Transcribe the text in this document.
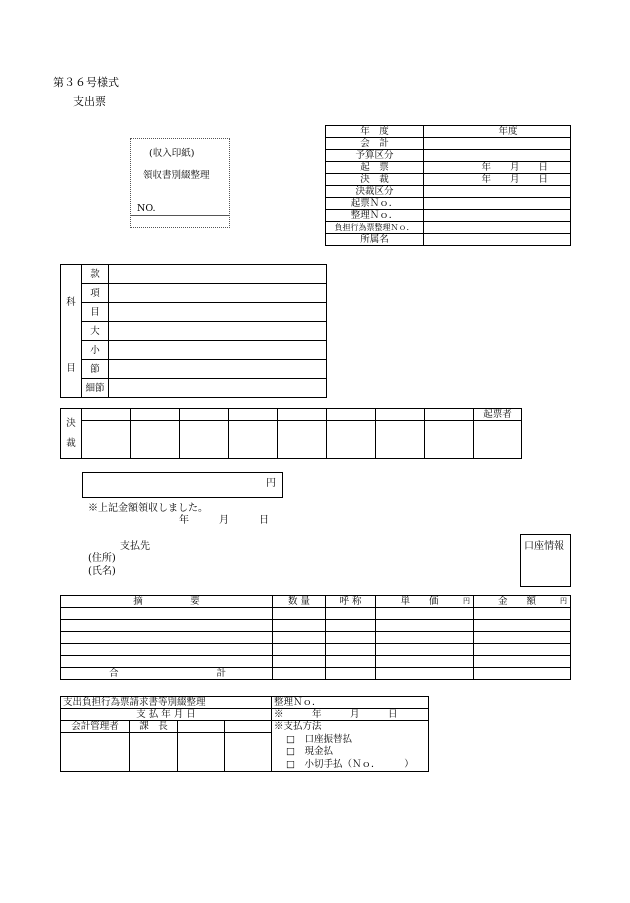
第３６号様式
支出票
(収入印紙)
領収書別綴整理
NO.
年　度	年度
会　計	
予算区分	
起　票	年　　月　　日
決　裁	年　　月　　日
決裁区分	
起票Ｎｏ．	
整理Ｎｏ．	
負担行為票整理Ｎｏ．	
所属名	
科	款	
	項	
	目	
	大	
目	小	
	節	
	細節	
決
裁									起票者

円
※上記金額領収しました。
年　　　月　　　日
支払先
(住所)
(氏名)
口座情報
摘　　　　　要	数 量	呼 称	単　　価 円	金　　額 円

合 計				
支出負担行為票請求書等別綴整理				整理Ｎｏ．
支 払 年 月 日				※　　　年　　　月　　　日
会計管理者	課　長			※支払方法
□　口座振替払
□　現金払
□　小切手払（Ｎｏ．　　　）
